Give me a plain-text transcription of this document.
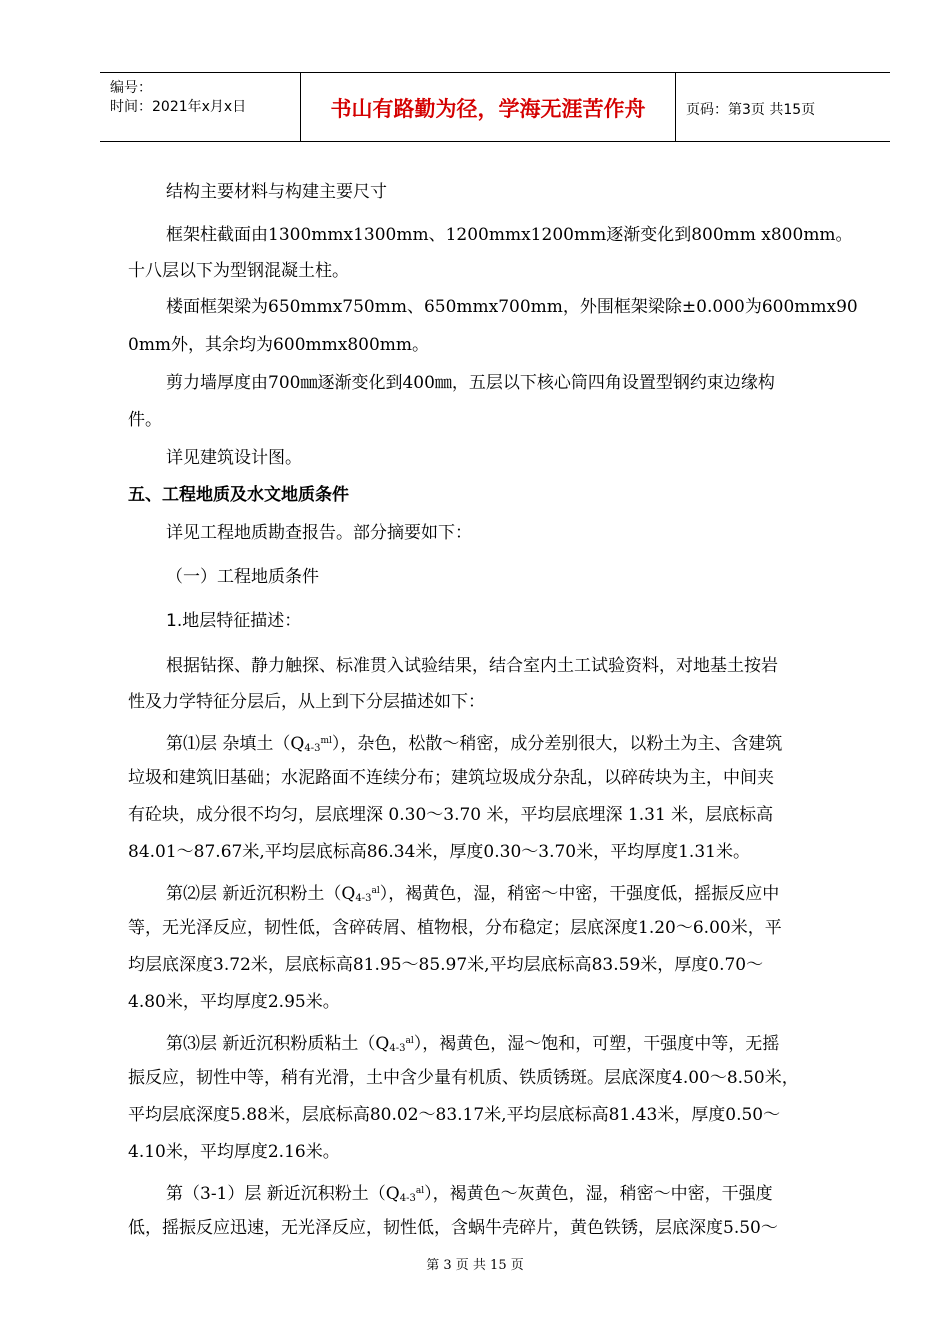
编号：
时间：2021年x月x日	书山有路勤为径，学海无涯苦作舟	页码：第3页 共15页
结构主要材料与构建主要尺寸
框架柱截面由1300mmx1300mm、1200mmx1200mm逐渐变化到800mm x800mm。
十八层以下为型钢混凝土柱。
楼面框架梁为650mmx750mm、650mmx700mm，外围框架梁除±0.000为600mmx90
0mm外，其余均为600mmx800mm。
剪力墙厚度由700㎜逐渐变化到400㎜，五层以下核心筒四角设置型钢约束边缘构
件。
详见建筑设计图。
五、工程地质及水文地质条件
详见工程地质勘查报告。部分摘要如下：
（一）工程地质条件
1.地层特征描述：
根据钻探、静力触探、标准贯入试验结果，结合室内土工试验资料，对地基土按岩
性及力学特征分层后，从上到下分层描述如下：
第⑴层 杂填土$(Q_{4-3}^{ml})$，杂色，松散～稍密，成分差别很大，以粉土为主、含建筑
垃圾和建筑旧基础；水泥路面不连续分布；建筑垃圾成分杂乱，以碎砖块为主，中间夹
有砼块，成分很不均匀，层底埋深 0.30～3.70 米，平均层底埋深 1.31 米，层底标高
84.01～87.67米,平均层底标高86.34米，厚度0.30～3.70米，平均厚度1.31米。
第⑵层 新近沉积粉土$(Q_{4-3}^{al})$，褐黄色，湿，稍密～中密，干强度低，摇振反应中
等，无光泽反应，韧性低，含碎砖屑、植物根，分布稳定；层底深度1.20～6.00米，平
均层底深度3.72米，层底标高81.95～85.97米,平均层底标高83.59米，厚度0.70～
4.80米，平均厚度2.95米。
第⑶层 新近沉积粉质粘土$(Q_{4-3}^{al})$，褐黄色，湿～饱和，可塑，干强度中等，无摇
振反应，韧性中等，稍有光滑，土中含少量有机质、铁质锈斑。层底深度4.00～8.50米，
平均层底深度5.88米，层底标高80.02～83.17米,平均层底标高81.43米，厚度0.50～
4.10米，平均厚度2.16米。
第（3-1）层 新近沉积粉土$(Q_{4-3}^{al})$，褐黄色～灰黄色，湿，稍密～中密，干强度
低，摇振反应迅速，无光泽反应，韧性低，含蜗牛壳碎片，黄色铁锈，层底深度5.50～
第 3 页 共 15 页
